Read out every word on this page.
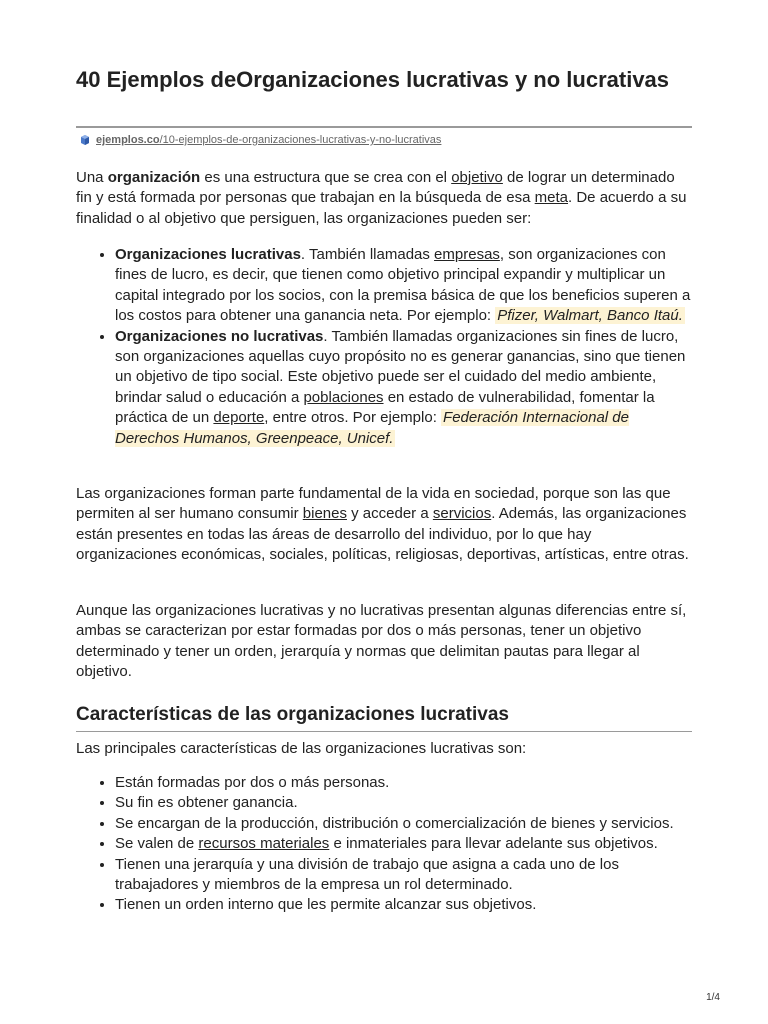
40 Ejemplos deOrganizaciones lucrativas y no lucrativas
ejemplos.co/10-ejemplos-de-organizaciones-lucrativas-y-no-lucrativas

Una organización es una estructura que se crea con el objetivo de lograr un determinado fin y está formada por personas que trabajan en la búsqueda de esa meta. De acuerdo a su finalidad o al objetivo que persiguen, las organizaciones pueden ser:

• Organizaciones lucrativas. También llamadas empresas, son organizaciones con fines de lucro, es decir, que tienen como objetivo principal expandir y multiplicar un capital integrado por los socios, con la premisa básica de que los beneficios superen a los costos para obtener una ganancia neta. Por ejemplo: Pfizer, Walmart, Banco Itaú.
• Organizaciones no lucrativas. También llamadas organizaciones sin fines de lucro, son organizaciones aquellas cuyo propósito no es generar ganancias, sino que tienen un objetivo de tipo social. Este objetivo puede ser el cuidado del medio ambiente, brindar salud o educación a poblaciones en estado de vulnerabilidad, fomentar la práctica de un deporte, entre otros. Por ejemplo: Federación Internacional de Derechos Humanos, Greenpeace, Unicef.

Las organizaciones forman parte fundamental de la vida en sociedad, porque son las que permiten al ser humano consumir bienes y acceder a servicios. Además, las organizaciones están presentes en todas las áreas de desarrollo del individuo, por lo que hay organizaciones económicas, sociales, políticas, religiosas, deportivas, artísticas, entre otras.

Aunque las organizaciones lucrativas y no lucrativas presentan algunas diferencias entre sí, ambas se caracterizan por estar formadas por dos o más personas, tener un objetivo determinado y tener un orden, jerarquía y normas que delimitan pautas para llegar al objetivo.

Características de las organizaciones lucrativas

Las principales características de las organizaciones lucrativas son:

• Están formadas por dos o más personas.
• Su fin es obtener ganancia.
• Se encargan de la producción, distribución o comercialización de bienes y servicios.
• Se valen de recursos materiales e inmateriales para llevar adelante sus objetivos.
• Tienen una jerarquía y una división de trabajo que asigna a cada uno de los trabajadores y miembros de la empresa un rol determinado.
• Tienen un orden interno que les permite alcanzar sus objetivos.
1/4
